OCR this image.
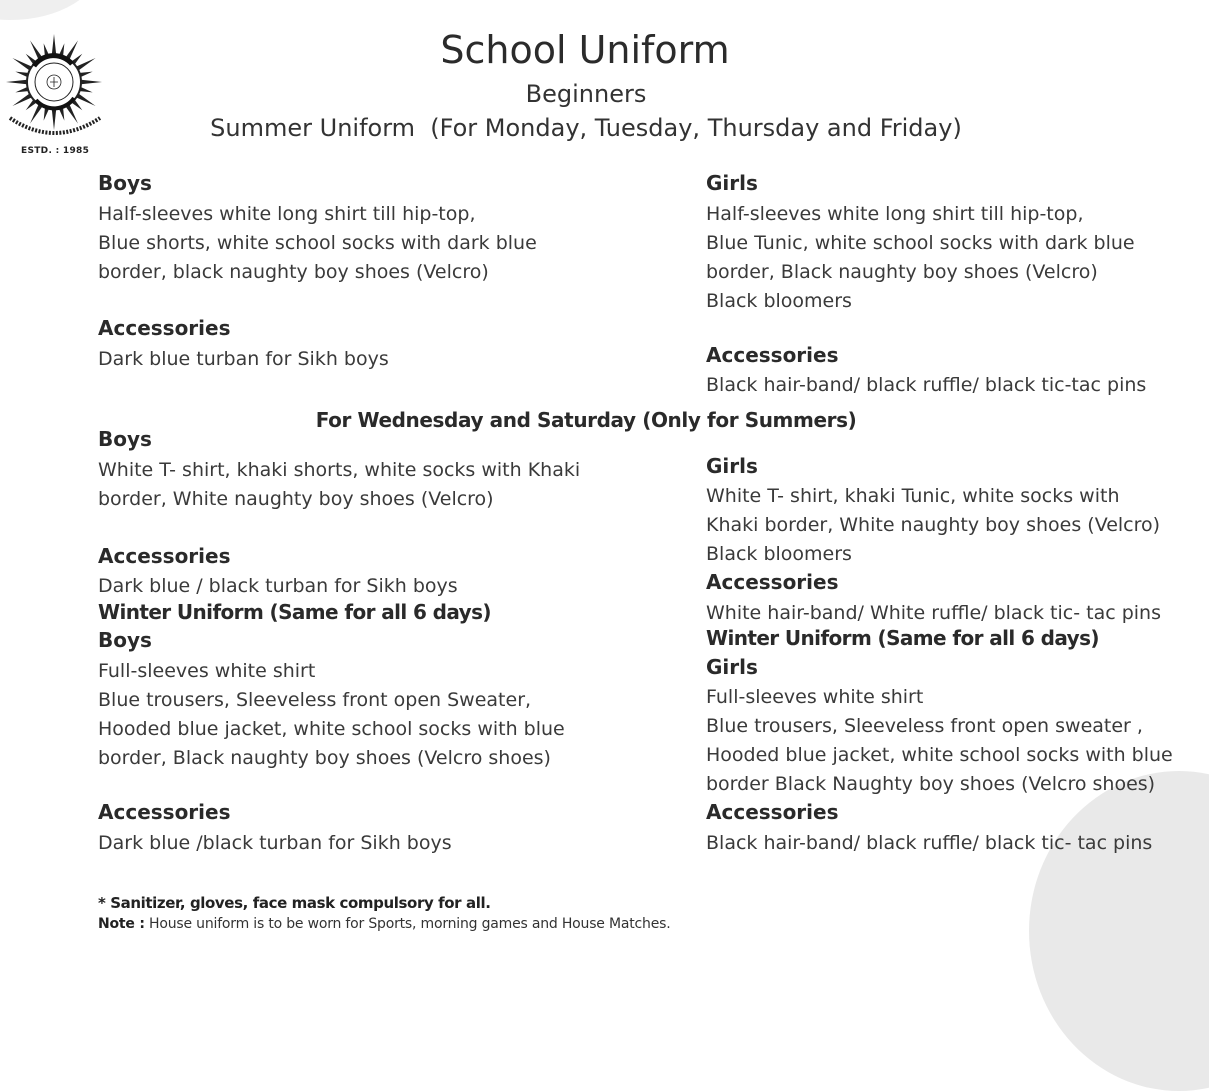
ESTD. : 1985
School Uniform
Beginners
Summer Uniform  (For Monday, Tuesday, Thursday and Friday)
Boys
Half-sleeves white long shirt till hip-top,
Blue shorts, white school socks with dark blue
border, black naughty boy shoes (Velcro)
Accessories
Dark blue turban for Sikh boys
Girls
Half-sleeves white long shirt till hip-top,
Blue Tunic, white school socks with dark blue
border, Black naughty boy shoes (Velcro)
Black bloomers
Accessories
Black hair-band/ black ruffle/ black tic-tac pins
For Wednesday and Saturday (Only for Summers)
Boys
White T- shirt, khaki shorts, white socks with Khaki
border, White naughty boy shoes (Velcro)
Accessories
Dark blue / black turban for Sikh boys
Girls
White T- shirt, khaki Tunic, white socks with
Khaki border, White naughty boy shoes (Velcro)
Black bloomers
Accessories
White hair-band/ White ruffle/ black tic- tac pins
Winter Uniform (Same for all 6 days)
Boys
Full-sleeves white shirt
Blue trousers, Sleeveless front open Sweater,
Hooded blue jacket, white school socks with blue
border, Black naughty boy shoes (Velcro shoes)
Accessories
Dark blue /black turban for Sikh boys
Winter Uniform (Same for all 6 days)
Girls
Full-sleeves white shirt
Blue trousers, Sleeveless front open sweater ,
Hooded blue jacket, white school socks with blue
border Black Naughty boy shoes (Velcro shoes)
Accessories
Black hair-band/ black ruffle/ black tic- tac pins
* Sanitizer, gloves, face mask compulsory for all.
Note : House uniform is to be worn for Sports, morning games and House Matches.
